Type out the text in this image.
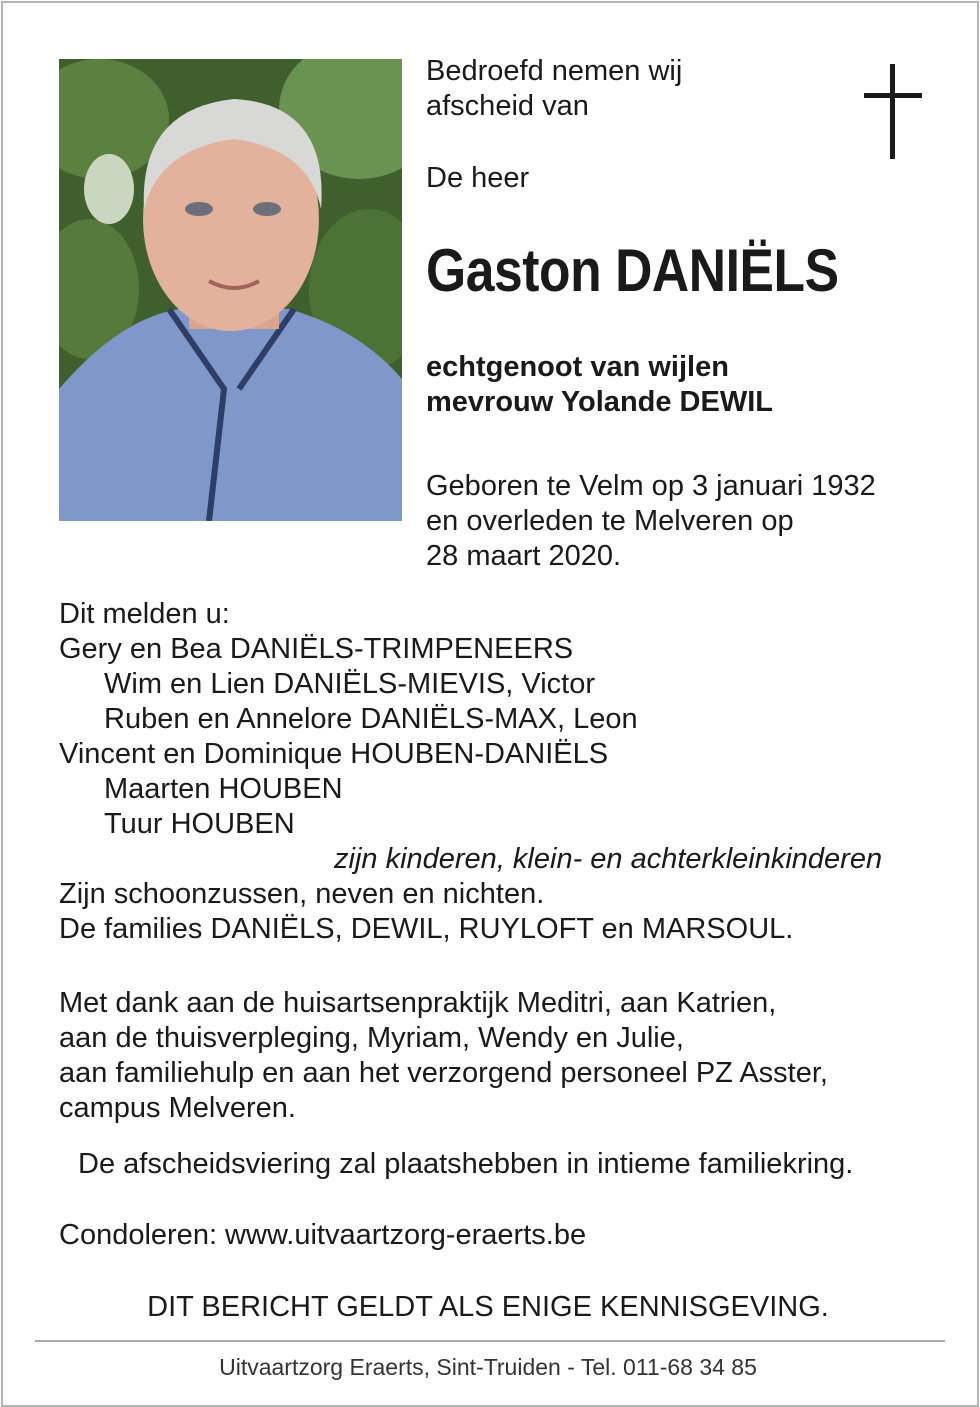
Bedroefd nemen wij
afscheid van

De heer

Gaston DANIËLS

echtgenoot van wijlen
mevrouw Yolande DEWIL

Geboren te Velm op 3 januari 1932
en overleden te Melveren op
28 maart 2020.

Dit melden u:
Gery en Bea DANIËLS-TRIMPENEERS
Wim en Lien DANIËLS-MIEVIS, Victor
Ruben en Annelore DANIËLS-MAX, Leon
Vincent en Dominique HOUBEN-DANIËLS
Maarten HOUBEN
Tuur HOUBEN
zijn kinderen, klein- en achterkleinkinderen
Zijn schoonzussen, neven en nichten.
De families DANIËLS, DEWIL, RUYLOFT en MARSOUL.

Met dank aan de huisartsenpraktijk Meditri, aan Katrien,
aan de thuisverpleging, Myriam, Wendy en Julie,
aan familiehulp en aan het verzorgend personeel PZ Asster,
campus Melveren.

De afscheidsviering zal plaatshebben in intieme familiekring.

Condoleren: www.uitvaartzorg-eraerts.be

DIT BERICHT GELDT ALS ENIGE KENNISGEVING.

Uitvaartzorg Eraerts, Sint-Truiden - Tel. 011-68 34 85
